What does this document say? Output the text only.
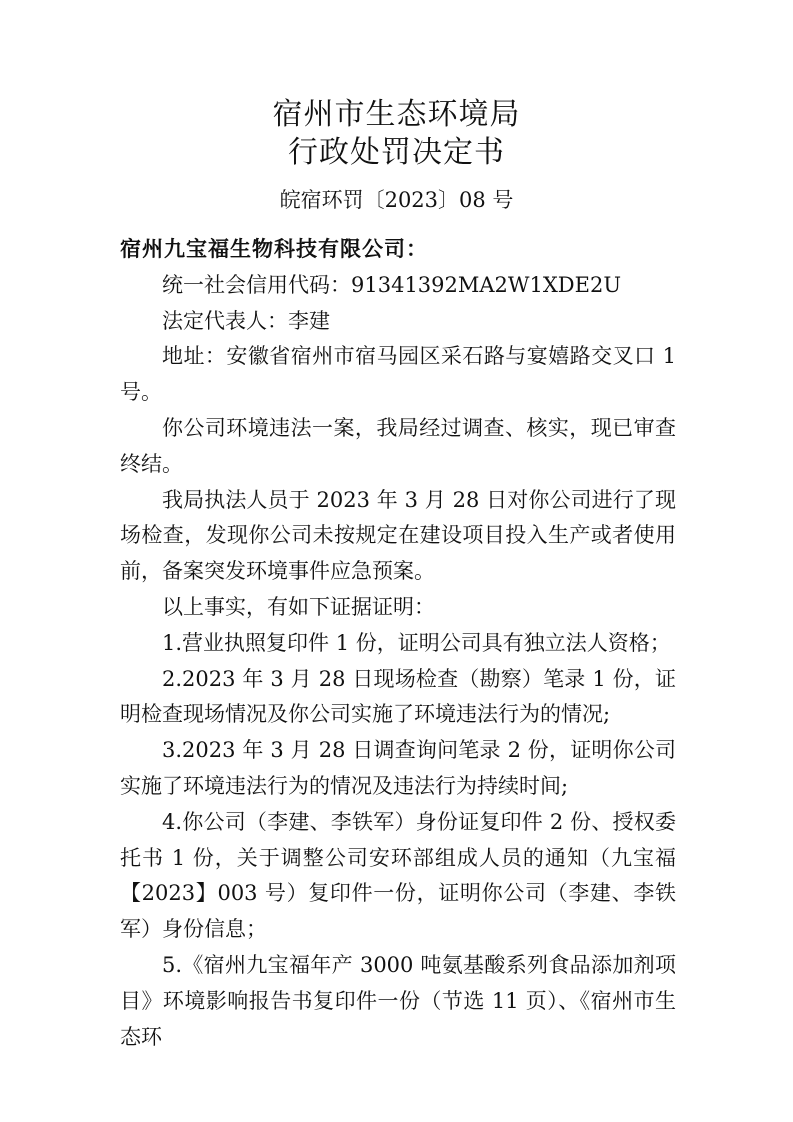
宿州市生态环境局
行政处罚决定书
皖宿环罚〔2023〕08 号

宿州九宝福生物科技有限公司：

统一社会信用代码：91341392MA2W1XDE2U

法定代表人：李建

地址：安徽省宿州市宿马园区采石路与宴嬉路交叉口 1 号。

你公司环境违法一案，我局经过调查、核实，现已审查终结。

我局执法人员于 2023 年 3 月 28 日对你公司进行了现场检查，发现你公司未按规定在建设项目投入生产或者使用前，备案突发环境事件应急预案。

以上事实，有如下证据证明：

1.营业执照复印件 1 份，证明公司具有独立法人资格；

2.2023 年 3 月 28 日现场检查（勘察）笔录 1 份，证明检查现场情况及你公司实施了环境违法行为的情况;

3.2023 年 3 月 28 日调查询问笔录 2 份，证明你公司实施了环境违法行为的情况及违法行为持续时间;

4.你公司（李建、李铁军）身份证复印件 2 份、授权委托书 1 份，关于调整公司安环部组成人员的通知（九宝福【2023】003 号）复印件一份，证明你公司（李建、李铁军）身份信息；

5.《宿州九宝福年产 3000 吨氨基酸系列食品添加剂项目》环境影响报告书复印件一份（节选 11 页）、《宿州市生态环
